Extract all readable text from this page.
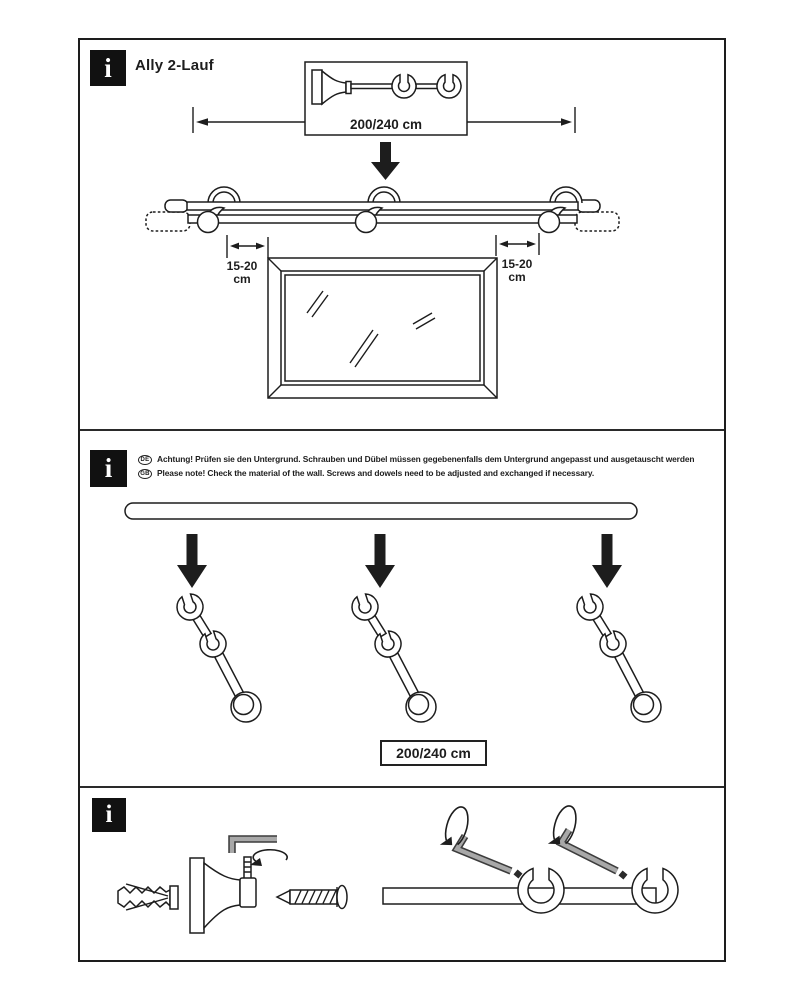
i Ally 2-Lauf
200/240 cm
15-20
cm
15-20
cm
i	DE Achtung! Prüfen sie den Untergrund. Schrauben und Dübel müssen gegebenenfalls dem Untergrund angepasst und ausgetauscht werden
GB Please note! Check the material of the wall. Screws and dowels need to be adjusted and exchanged if necessary.
200/240 cm
i
